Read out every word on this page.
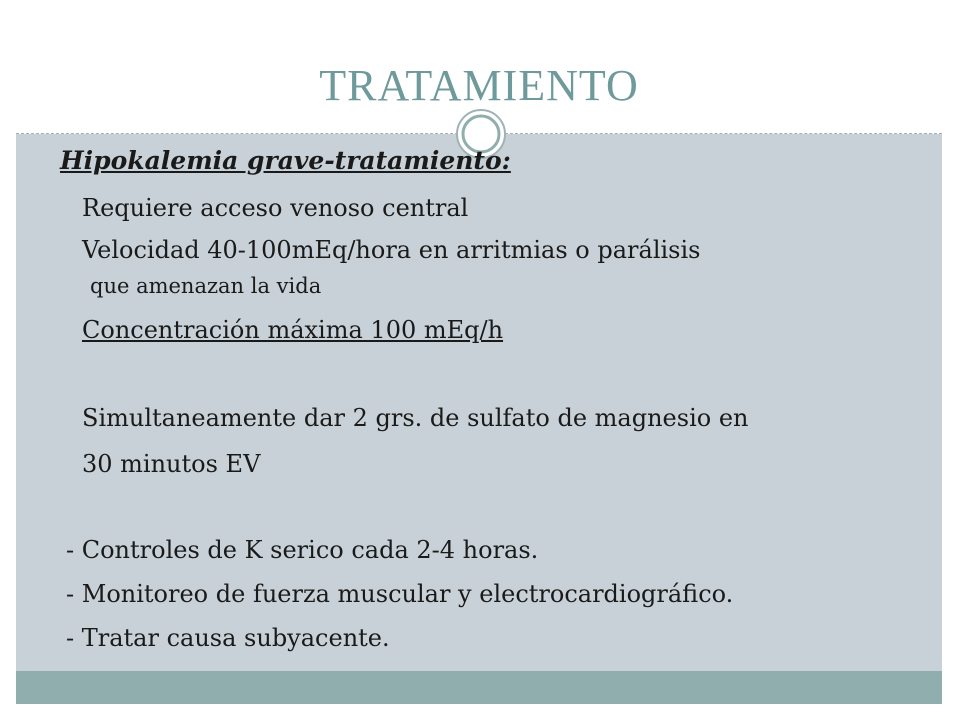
TRATAMIENTO
Hipokalemia grave-tratamiento:
Requiere acceso venoso central
Velocidad 40-100mEq/hora en arritmias o parálisis
que amenazan la vida
Concentración máxima 100 mEq/h
Simultaneamente dar 2 grs. de sulfato de magnesio en
30 minutos EV
- Controles de K serico cada 2-4 horas.
- Monitoreo de fuerza muscular y electrocardiográfico.
- Tratar causa subyacente.
